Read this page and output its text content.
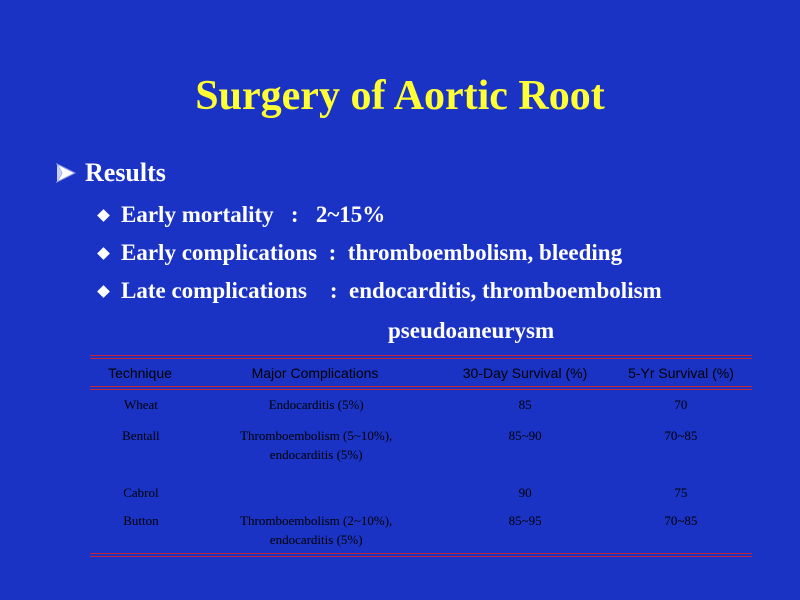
Surgery of Aortic Root
Results
Early mortality   :   2~15%
Early complications  :  thromboembolism, bleeding
Late complications    :  endocarditis, thromboembolism
pseudoaneurysm
Technique	Major Complications	30-Day Survival (%)	5-Yr Survival (%)
Wheat	Endocarditis (5%)	85	70
Bentall	Thromboembolism (5~10%),
endocarditis (5%)	85~90	70~85
Cabrol		90	75
Button	Thromboembolism (2~10%),
endocarditis (5%)	85~95	70~85
